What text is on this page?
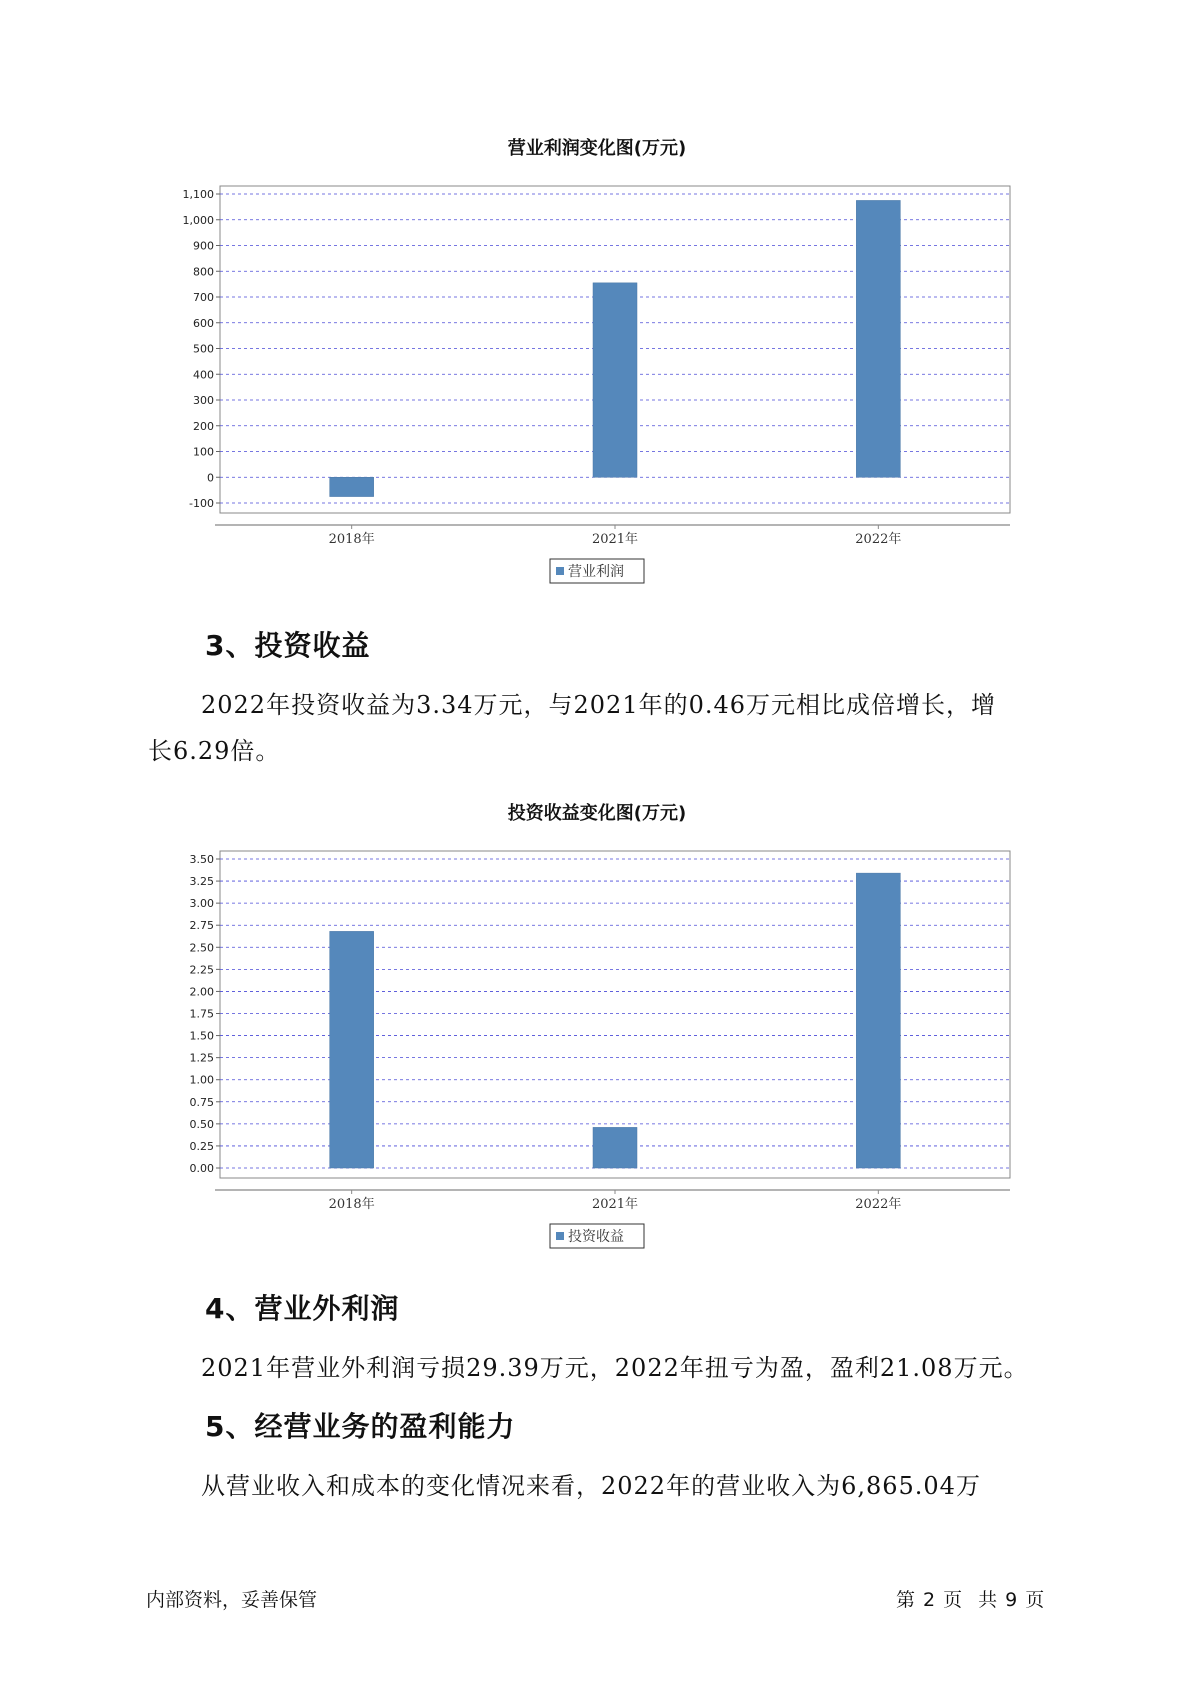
营业利润变化图(万元)
-100
0
100
200
300
400
500
600
700
800
900
1,000
1,100
2018年	2021年	2022年
营业利润
3、投资收益

2022年投资收益为3.34万元，与2021年的0.46万元相比成倍增长，增
长6.29倍。

投资收益变化图(万元)
0.00
0.25
0.50
0.75
1.00
1.25
1.50
1.75
2.00
2.25
2.50
2.75
3.00
3.25
3.50
2018年	2021年	2022年
投资收益
4、营业外利润

2021年营业外利润亏损29.39万元，2022年扭亏为盈，盈利21.08万元。

5、经营业务的盈利能力

从营业收入和成本的变化情况来看，2022年的营业收入为6,865.04万

内部资料，妥善保管	第 2 页 共 9 页
